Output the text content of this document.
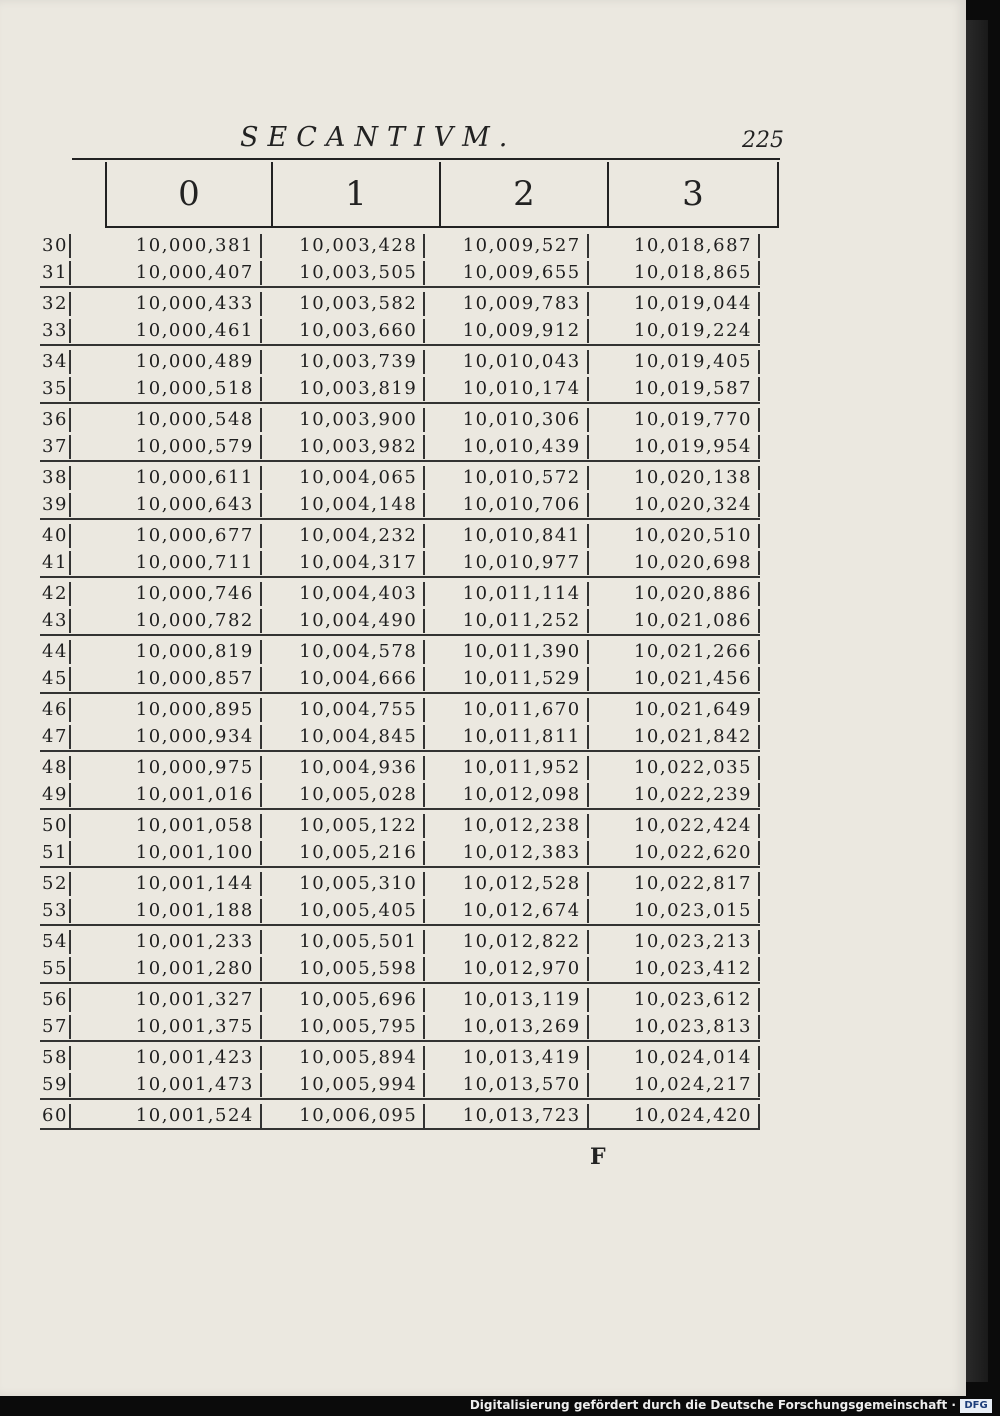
SECANTIVM.	225
0	1	2	3
30	10,000,381	10,003,428	10,009,527	10,018,687
31	10,000,407	10,003,505	10,009,655	10,018,865
32	10,000,433	10,003,582	10,009,783	10,019,044
33	10,000,461	10,003,660	10,009,912	10,019,224
34	10,000,489	10,003,739	10,010,043	10,019,405
35	10,000,518	10,003,819	10,010,174	10,019,587
36	10,000,548	10,003,900	10,010,306	10,019,770
37	10,000,579	10,003,982	10,010,439	10,019,954
38	10,000,611	10,004,065	10,010,572	10,020,138
39	10,000,643	10,004,148	10,010,706	10,020,324
40	10,000,677	10,004,232	10,010,841	10,020,510
41	10,000,711	10,004,317	10,010,977	10,020,698
42	10,000,746	10,004,403	10,011,114	10,020,886
43	10,000,782	10,004,490	10,011,252	10,021,086
44	10,000,819	10,004,578	10,011,390	10,021,266
45	10,000,857	10,004,666	10,011,529	10,021,456
46	10,000,895	10,004,755	10,011,670	10,021,649
47	10,000,934	10,004,845	10,011,811	10,021,842
48	10,000,975	10,004,936	10,011,952	10,022,035
49	10,001,016	10,005,028	10,012,098	10,022,239
50	10,001,058	10,005,122	10,012,238	10,022,424
51	10,001,100	10,005,216	10,012,383	10,022,620
52	10,001,144	10,005,310	10,012,528	10,022,817
53	10,001,188	10,005,405	10,012,674	10,023,015
54	10,001,233	10,005,501	10,012,822	10,023,213
55	10,001,280	10,005,598	10,012,970	10,023,412
56	10,001,327	10,005,696	10,013,119	10,023,612
57	10,001,375	10,005,795	10,013,269	10,023,813
58	10,001,423	10,005,894	10,013,419	10,024,014
59	10,001,473	10,005,994	10,013,570	10,024,217
60	10,001,524	10,006,095	10,013,723	10,024,420
F
Digitalisierung gefördert durch die Deutsche Forschungsgemeinschaft · DFG
